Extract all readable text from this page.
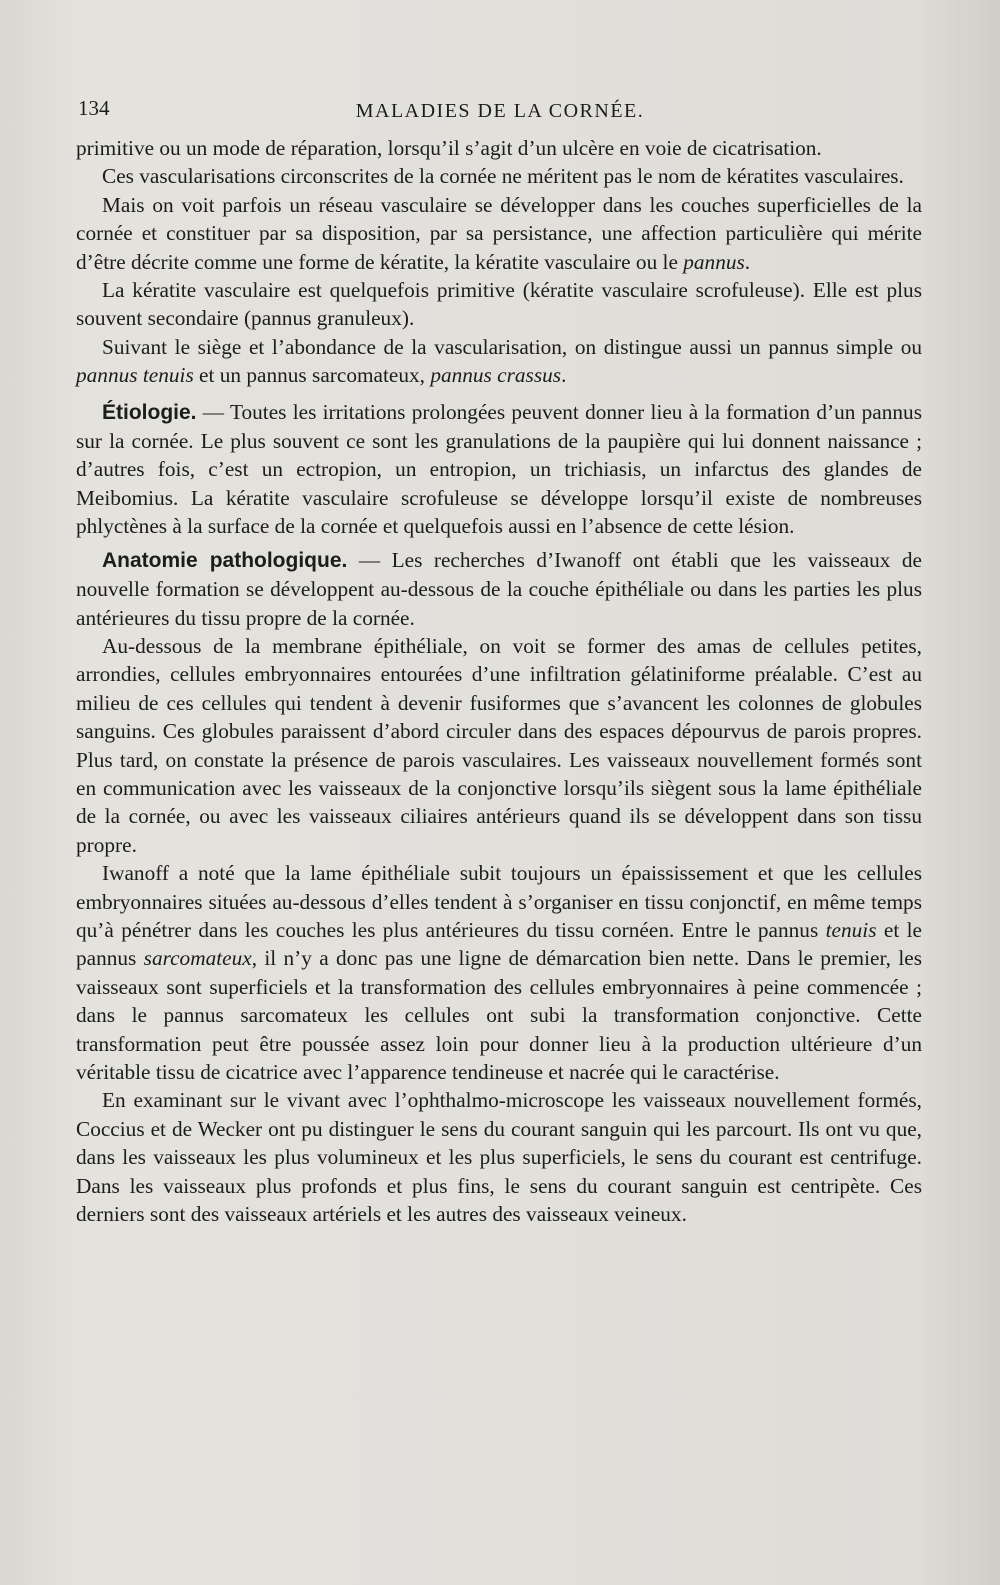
134	MALADIES DE LA CORNÉE.

primitive ou un mode de réparation, lorsqu’il s’agit d’un ulcère en voie de cicatrisation.

Ces vascularisations circonscrites de la cornée ne méritent pas le nom de kératites vasculaires.

Mais on voit parfois un réseau vasculaire se développer dans les couches superficielles de la cornée et constituer par sa disposition, par sa persistance, une affection particulière qui mérite d’être décrite comme une forme de kératite, la kératite vasculaire ou le pannus.

La kératite vasculaire est quelquefois primitive (kératite vasculaire scrofuleuse). Elle est plus souvent secondaire (pannus granuleux).

Suivant le siège et l’abondance de la vascularisation, on distingue aussi un pannus simple ou pannus tenuis et un pannus sarcomateux, pannus crassus.

Étiologie. — Toutes les irritations prolongées peuvent donner lieu à la formation d’un pannus sur la cornée. Le plus souvent ce sont les granulations de la paupière qui lui donnent naissance ; d’autres fois, c’est un ectropion, un entropion, un trichiasis, un infarctus des glandes de Meibomius. La kératite vasculaire scrofuleuse se développe lorsqu’il existe de nombreuses phlyctènes à la surface de la cornée et quelquefois aussi en l’absence de cette lésion.

Anatomie pathologique. — Les recherches d’Iwanoff ont établi que les vaisseaux de nouvelle formation se développent au-dessous de la couche épithéliale ou dans les parties les plus antérieures du tissu propre de la cornée.

Au-dessous de la membrane épithéliale, on voit se former des amas de cellules petites, arrondies, cellules embryonnaires entourées d’une infiltration gélatiniforme préalable. C’est au milieu de ces cellules qui tendent à devenir fusiformes que s’avancent les colonnes de globules sanguins. Ces globules paraissent d’abord circuler dans des espaces dépourvus de parois propres. Plus tard, on constate la présence de parois vasculaires. Les vaisseaux nouvellement formés sont en communication avec les vaisseaux de la conjonctive lorsqu’ils siègent sous la lame épithéliale de la cornée, ou avec les vaisseaux ciliaires antérieurs quand ils se développent dans son tissu propre.

Iwanoff a noté que la lame épithéliale subit toujours un épaississement et que les cellules embryonnaires situées au-dessous d’elles tendent à s’organiser en tissu conjonctif, en même temps qu’à pénétrer dans les couches les plus antérieures du tissu cornéen. Entre le pannus tenuis et le pannus sarcomateux, il n’y a donc pas une ligne de démarcation bien nette. Dans le premier, les vaisseaux sont superficiels et la transformation des cellules embryonnaires à peine commencée ; dans le pannus sarcomateux les cellules ont subi la transformation conjonctive. Cette transformation peut être poussée assez loin pour donner lieu à la production ultérieure d’un véritable tissu de cicatrice avec l’apparence tendineuse et nacrée qui le caractérise.

En examinant sur le vivant avec l’ophthalmo-microscope les vaisseaux nouvellement formés, Coccius et de Wecker ont pu distinguer le sens du courant sanguin qui les parcourt. Ils ont vu que, dans les vaisseaux les plus volumineux et les plus superficiels, le sens du courant est centrifuge. Dans les vaisseaux plus profonds et plus fins, le sens du courant sanguin est centripète. Ces derniers sont des vaisseaux artériels et les autres des vaisseaux veineux.
